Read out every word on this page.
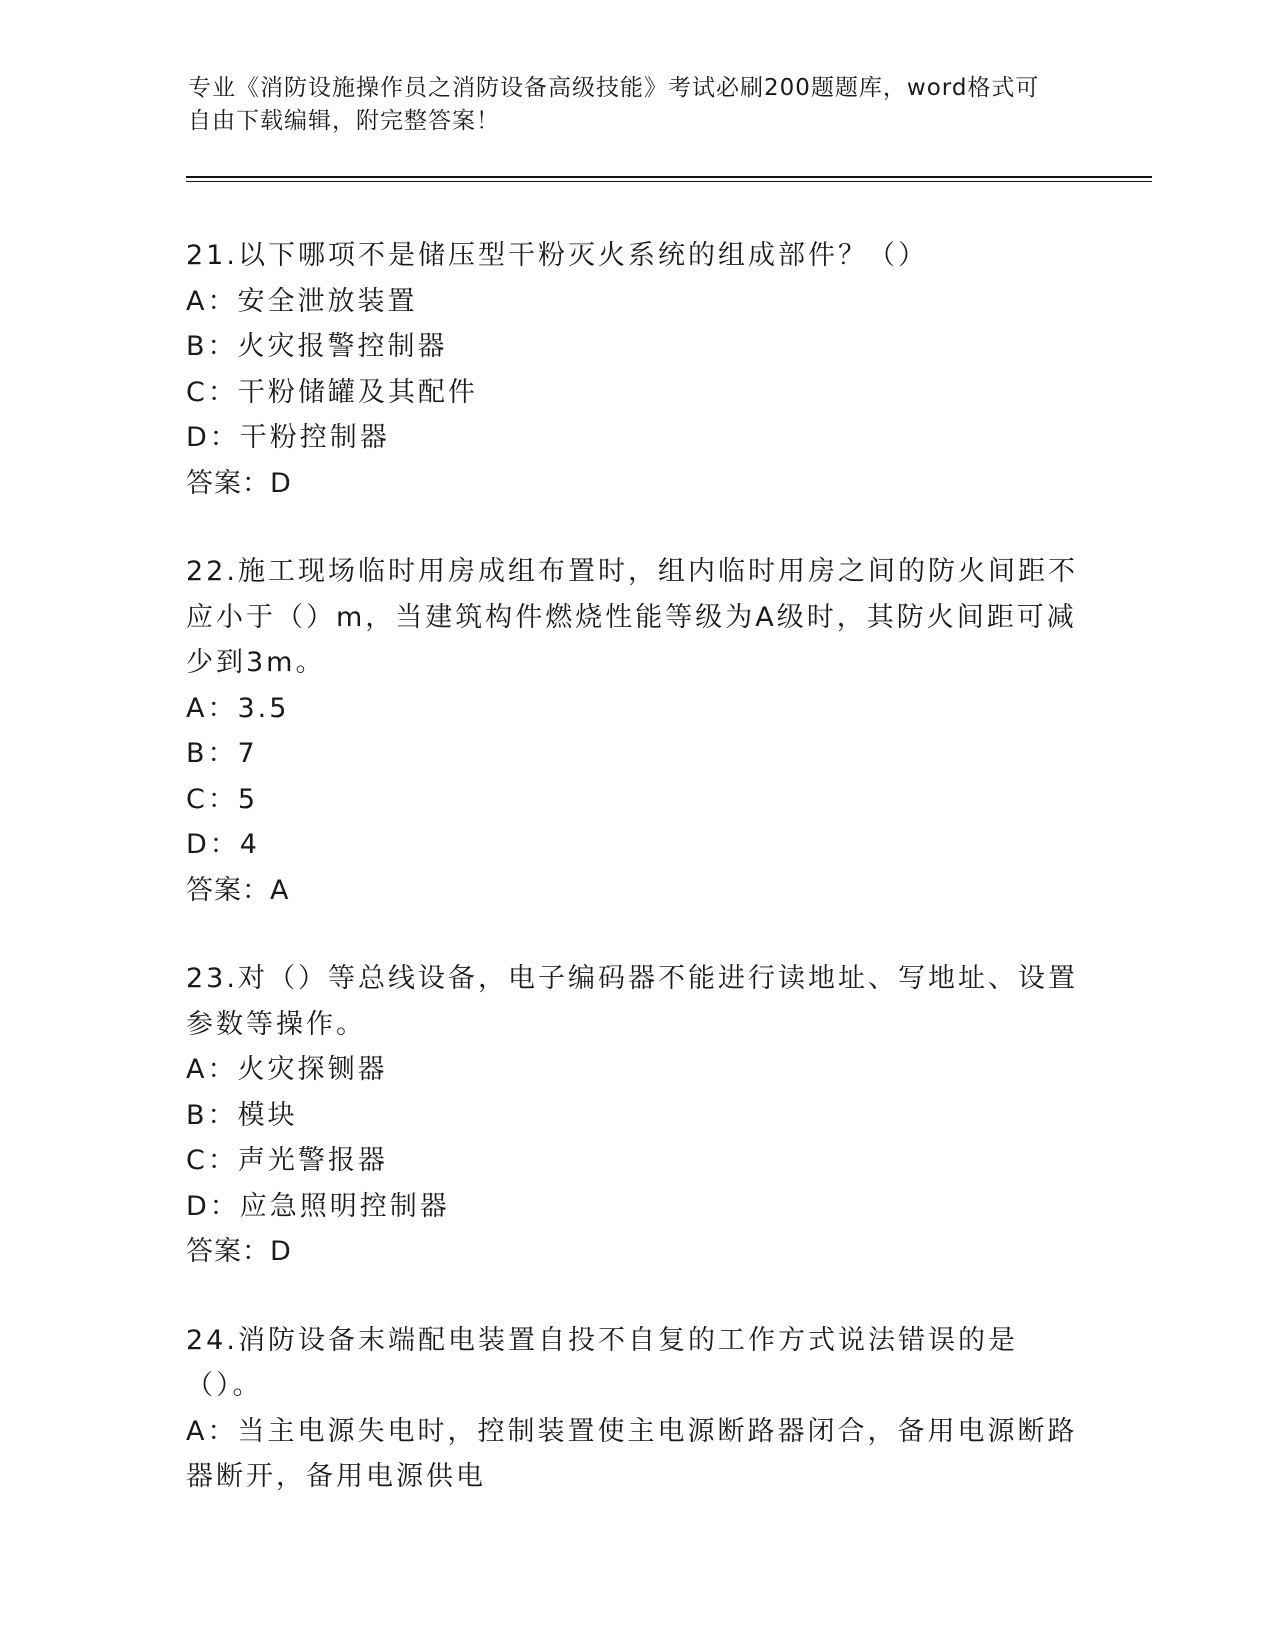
专业《消防设施操作员之消防设备高级技能》考试必刷200题题库，word格式可
自由下载编辑，附完整答案！
21.以下哪项不是储压型干粉灭火系统的组成部件？（）
A：安全泄放装置
B：火灾报警控制器
C：干粉储罐及其配件
D：干粉控制器
答案：D
22.施工现场临时用房成组布置时，组内临时用房之间的防火间距不应小于（）m，当建筑构件燃烧性能等级为A级时，其防火间距可减少到3m。
A：3.5
B：7
C：5
D：4
答案：A
23.对（）等总线设备，电子编码器不能进行读地址、写地址、设置参数等操作。
A：火灾探铡器
B：模块
C：声光警报器
D：应急照明控制器
答案：D
24.消防设备末端配电装置自投不自复的工作方式说法错误的是（）。
A：当主电源失电时，控制装置使主电源断路器闭合，备用电源断路器断开，备用电源供电
